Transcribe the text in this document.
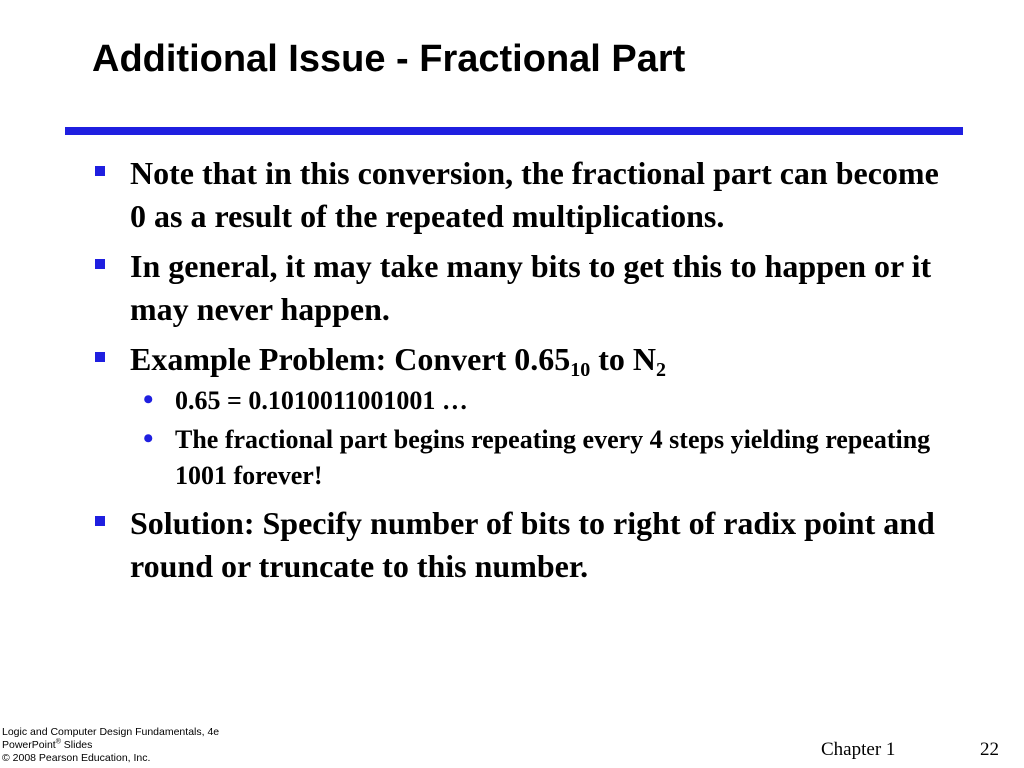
Additional Issue - Fractional Part
Note that in this conversion, the fractional part can become 0 as a result of the repeated multiplications.
In general, it may take many bits to get this to happen or it may never happen.
Example Problem: Convert $0.65_{10}$ to $N_2$
• 0.65 = 0.1010011001001 …
• The fractional part begins repeating every 4 steps yielding repeating 1001 forever!
Solution: Specify number of bits to right of radix point and round or truncate to this number.
Logic and Computer Design Fundamentals, 4e
PowerPoint® Slides
© 2008 Pearson Education, Inc.	Chapter 1	22
